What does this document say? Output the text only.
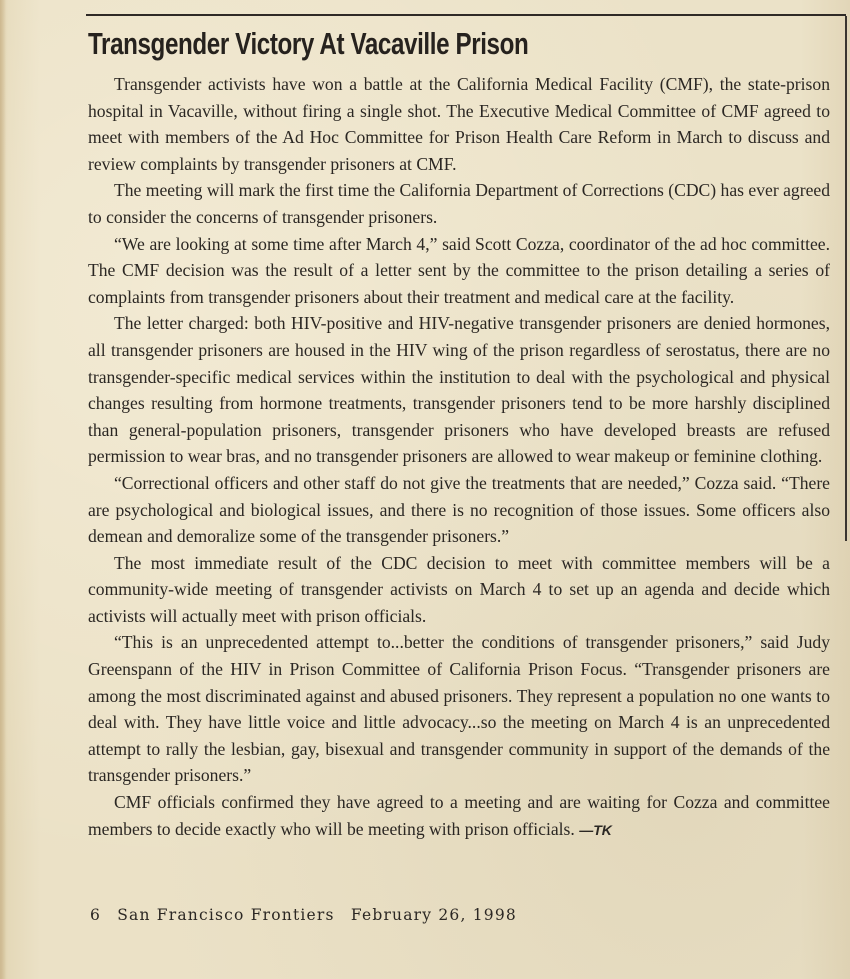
Transgender Victory At Vacaville Prison

Transgender activists have won a battle at the California Medical Facility (CMF), the state-prison hospital in Vacaville, without firing a single shot. The Executive Medical Committee of CMF agreed to meet with members of the Ad Hoc Committee for Prison Health Care Reform in March to discuss and review complaints by transgender prisoners at CMF.

The meeting will mark the first time the California Department of Corrections (CDC) has ever agreed to consider the concerns of transgender prisoners.

“We are looking at some time after March 4,” said Scott Cozza, coordinator of the ad hoc committee. The CMF decision was the result of a letter sent by the committee to the prison detailing a series of complaints from transgender prisoners about their treatment and medical care at the facility.

The letter charged: both HIV-positive and HIV-negative transgender prisoners are denied hormones, all transgender prisoners are housed in the HIV wing of the prison regardless of serostatus, there are no transgender-specific medical services within the institution to deal with the psychological and physical changes resulting from hormone treatments, transgender prisoners tend to be more harshly disciplined than general-population prisoners, transgender prisoners who have developed breasts are refused permission to wear bras, and no transgender prisoners are allowed to wear makeup or feminine clothing.

“Correctional officers and other staff do not give the treatments that are needed,” Cozza said. “There are psychological and biological issues, and there is no recognition of those issues. Some officers also demean and demoralize some of the transgender prisoners.”

The most immediate result of the CDC decision to meet with committee members will be a community-wide meeting of transgender activists on March 4 to set up an agenda and decide which activists will actually meet with prison officials.

“This is an unprecedented attempt to...better the conditions of transgender prisoners,” said Judy Greenspann of the HIV in Prison Committee of California Prison Focus. “Transgender prisoners are among the most discriminated against and abused prisoners. They represent a population no one wants to deal with. They have little voice and little advocacy...so the meeting on March 4 is an unprecedented attempt to rally the lesbian, gay, bisexual and transgender community in support of the demands of the transgender prisoners.”

CMF officials confirmed they have agreed to a meeting and are waiting for Cozza and committee members to decide exactly who will be meeting with prison officials. —TK

6 San Francisco Frontiers February 26, 1998
